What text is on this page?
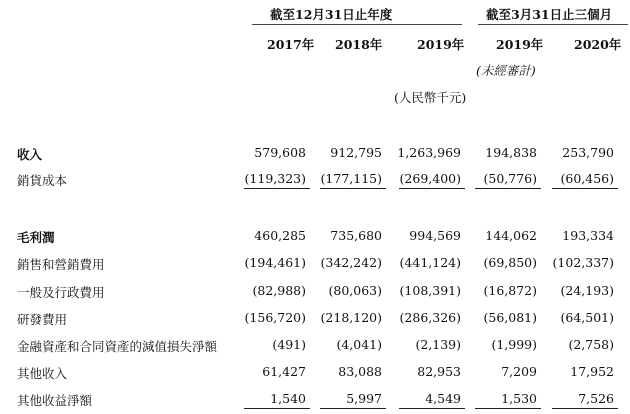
截至12月31日止年度	截至3月31日止三個月
2017年 2018年	2019年	2019年 2020年
(未經審計)
(人民幣千元)
收入	579,608	912,795	1,263,969	194,838	253,790
銷貨成本	(119,323)	(177,115)	(269,400)	(50,776)	(60,456)
毛利潤	460,285	735,680	994,569	144,062	193,334
銷售和營銷費用	(194,461)	(342,242)	(441,124)	(69,850)	(102,337)
一般及行政費用	(82,988)	(80,063)	(108,391)	(16,872)	(24,193)
研發費用	(156,720)	(218,120)	(286,326)	(56,081)	(64,501)
金融資產和合同資產的減值損失淨額	(491)	(4,041)	(2,139)	(1,999)	(2,758)
其他收入	61,427	83,088	82,953	7,209	17,952
其他收益淨額	1,540	5,997	4,549	1,530	7,526
